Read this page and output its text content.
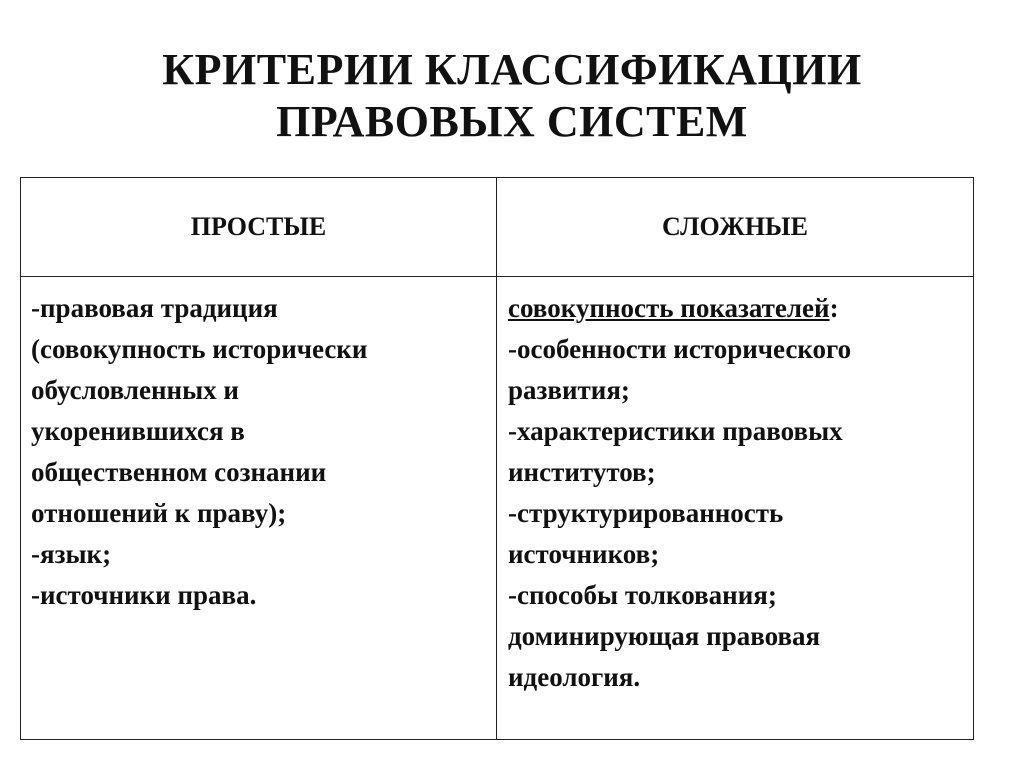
КРИТЕРИИ КЛАССИФИКАЦИИ
ПРАВОВЫХ СИСТЕМ
ПРОСТЫЕ	СЛОЖНЫЕ
-правовая традиция
(совокупность исторически
обусловленных и
укоренившихся в
общественном сознании
отношений к праву);
-язык;
-источники права.
совокупность показателей:
-особенности исторического
развития;
-характеристики правовых
институтов;
-структурированность
источников;
-способы толкования;
доминирующая правовая
идеология.
